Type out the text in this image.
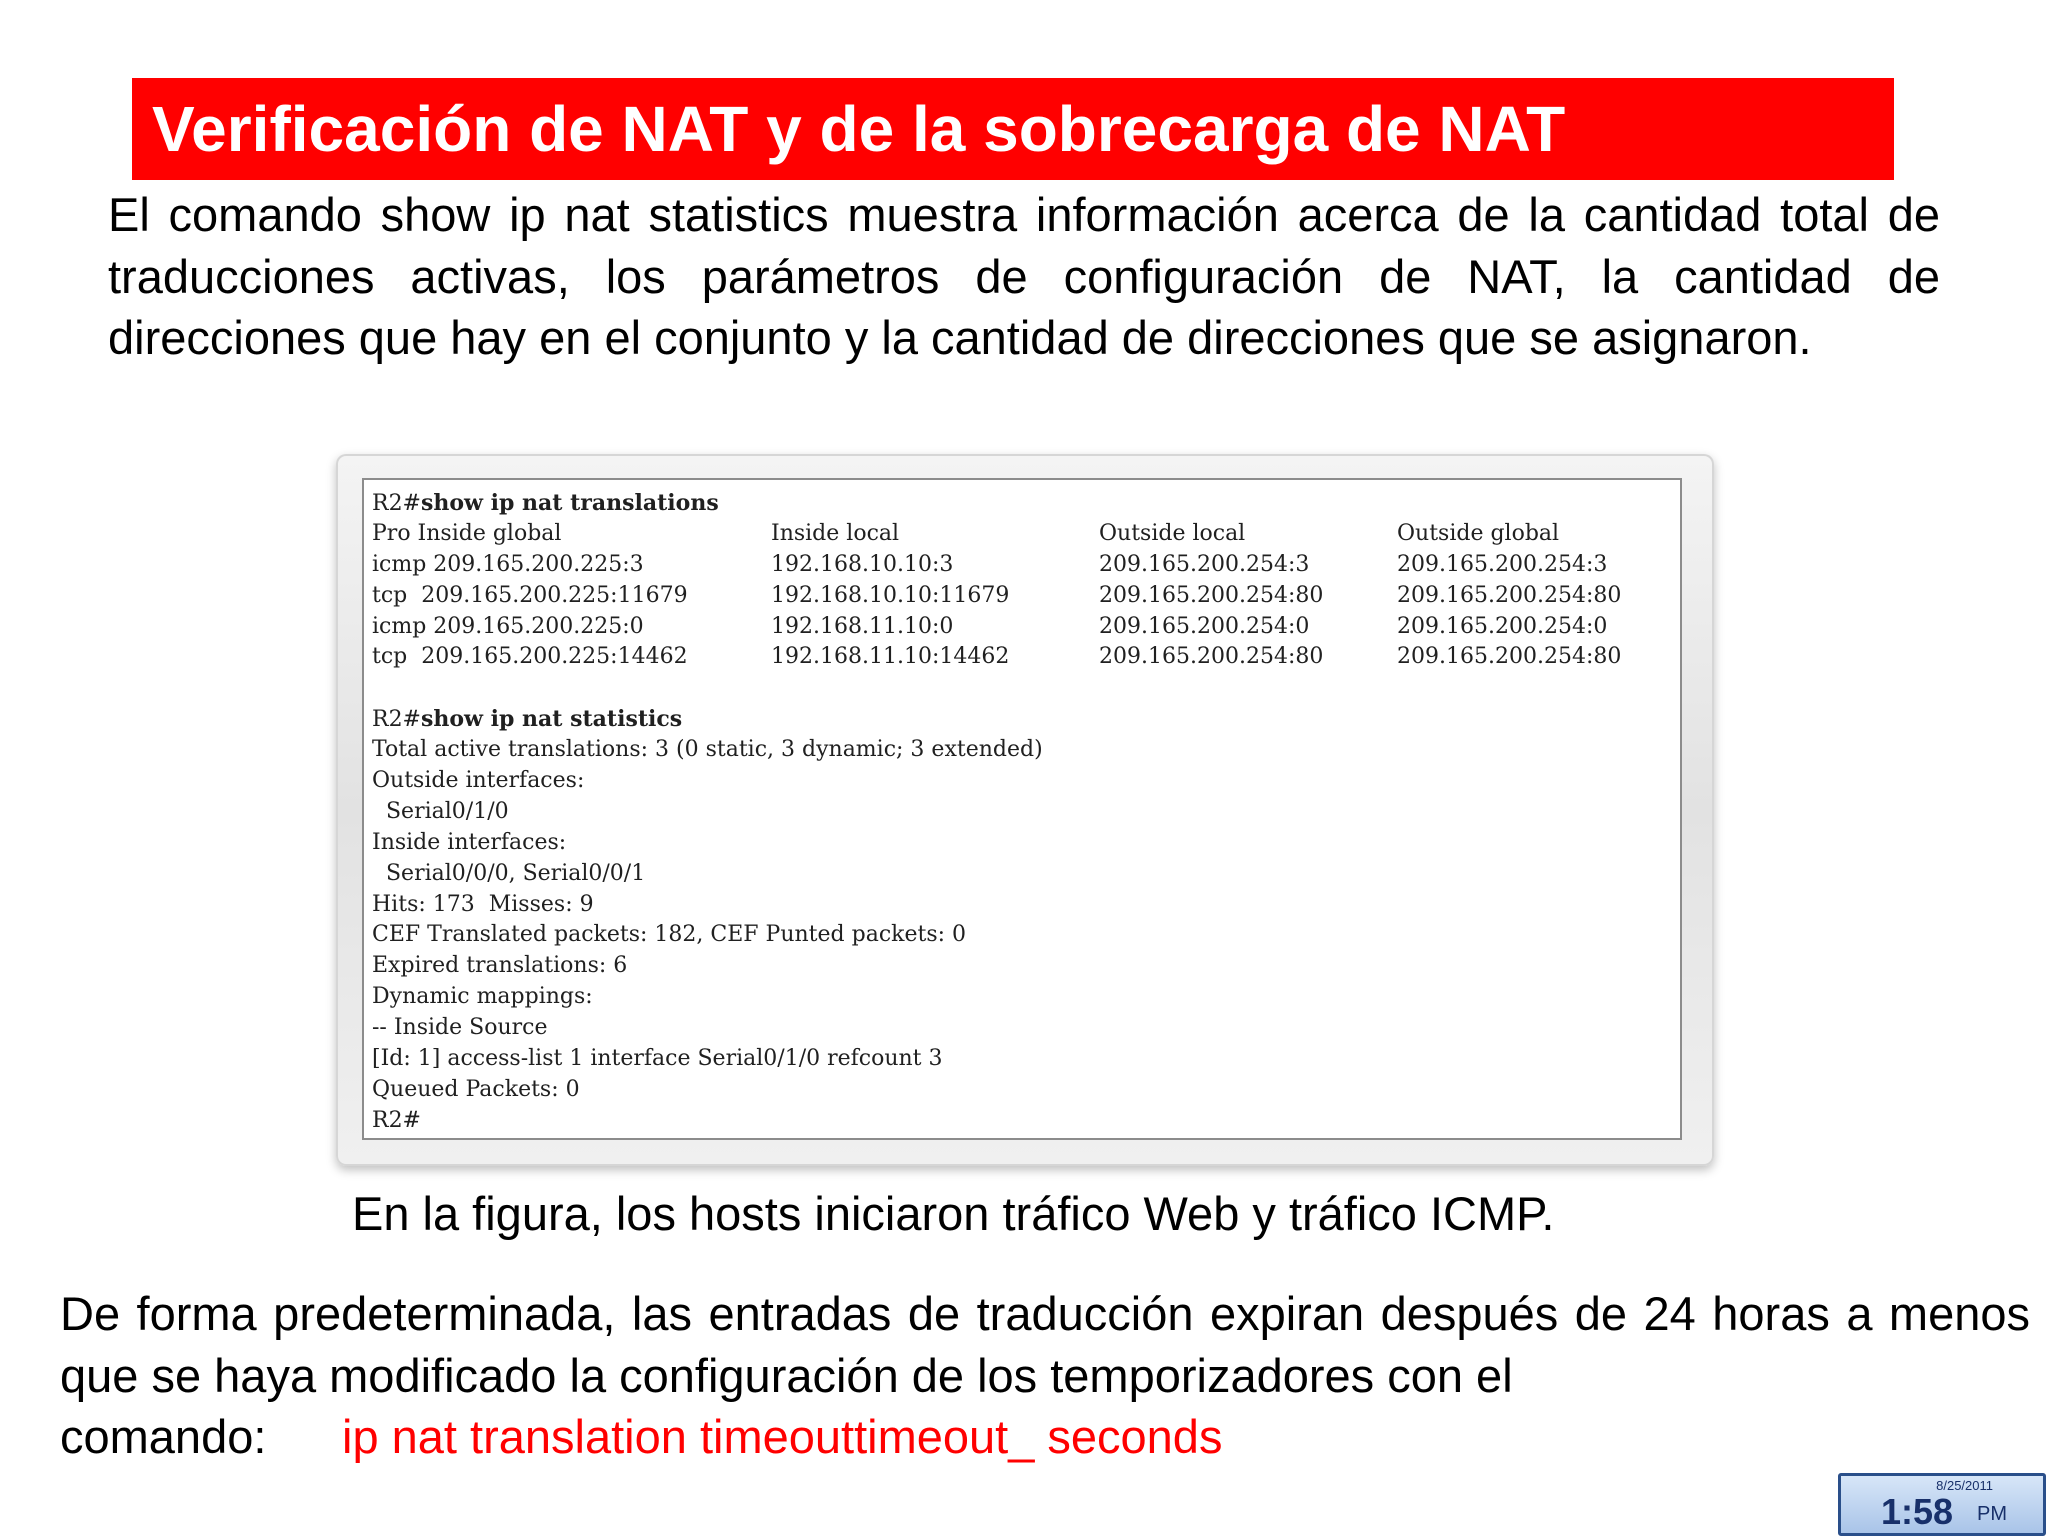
Verificación de NAT y de la sobrecarga de NAT
El comando show ip nat statistics muestra información acerca de la cantidad total de traducciones activas, los parámetros de configuración de NAT, la cantidad de direcciones que hay en el conjunto y la cantidad de direcciones que se asignaron.
R2#show ip nat translations
Pro Inside global	Inside local	Outside local	Outside global
icmp 209.165.200.225:3	192.168.10.10:3	209.165.200.254:3	209.165.200.254:3
tcp  209.165.200.225:11679	192.168.10.10:11679	209.165.200.254:80	209.165.200.254:80
icmp 209.165.200.225:0	192.168.11.10:0	209.165.200.254:0	209.165.200.254:0
tcp  209.165.200.225:14462	192.168.11.10:14462	209.165.200.254:80	209.165.200.254:80
R2#show ip nat statistics
Total active translations: 3 (0 static, 3 dynamic; 3 extended)
Outside interfaces:
Serial0/1/0
Inside interfaces:
Serial0/0/0, Serial0/0/1
Hits: 173  Misses: 9
CEF Translated packets: 182, CEF Punted packets: 0
Expired translations: 6
Dynamic mappings:
-- Inside Source
[Id: 1] access-list 1 interface Serial0/1/0 refcount 3
Queued Packets: 0
R2#
En la figura, los hosts iniciaron tráfico Web y tráfico ICMP.
De forma predeterminada, las entradas de traducción expiran después de 24 horas a menos que se haya modificado la configuración de los temporizadores con el
comando: ip nat translation timeouttimeout_ seconds
8/25/2011
1:58 PM
